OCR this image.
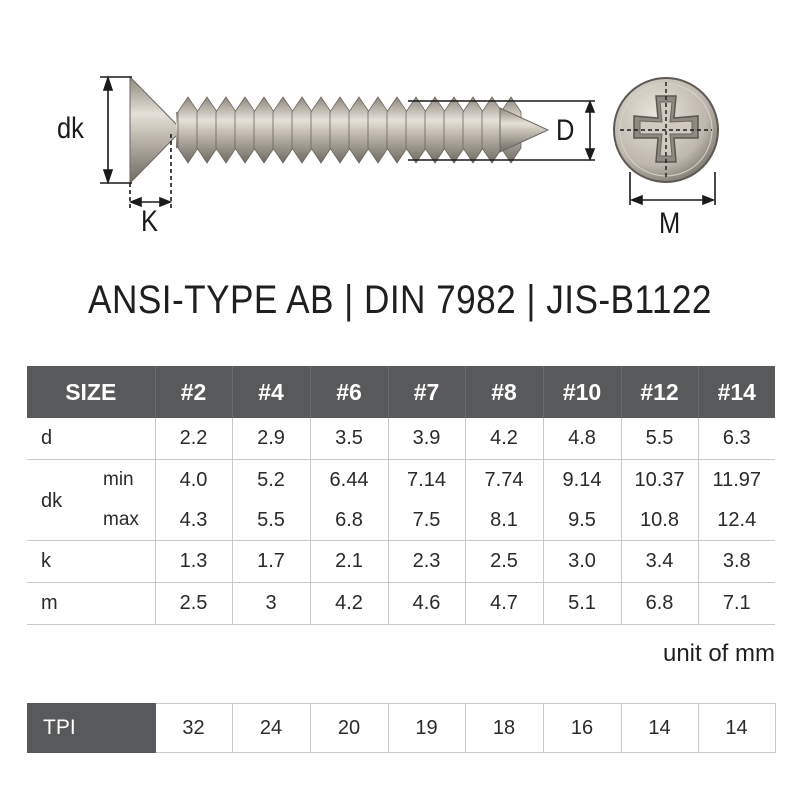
dk
K
D
M
ANSI-TYPE AB | DIN 7982 | JIS-B1122
SIZE	#2	#4	#6	#7	#8	#10	#12	#14
d	2.2	2.9	3.5	3.9	4.2	4.8	5.5	6.3

dk
min	4.0	5.2	6.44	7.14	7.74	9.14	10.37	11.97

max	4.3	5.5	6.8	7.5	8.1	9.5	10.8	12.4
k	1.3	1.7	2.1	2.3	2.5	3.0	3.4	3.8
m	2.5	3	4.2	4.6	4.7	5.1	6.8	7.1
unit of mm
TPI	32	24	20	19	18	16	14	14
